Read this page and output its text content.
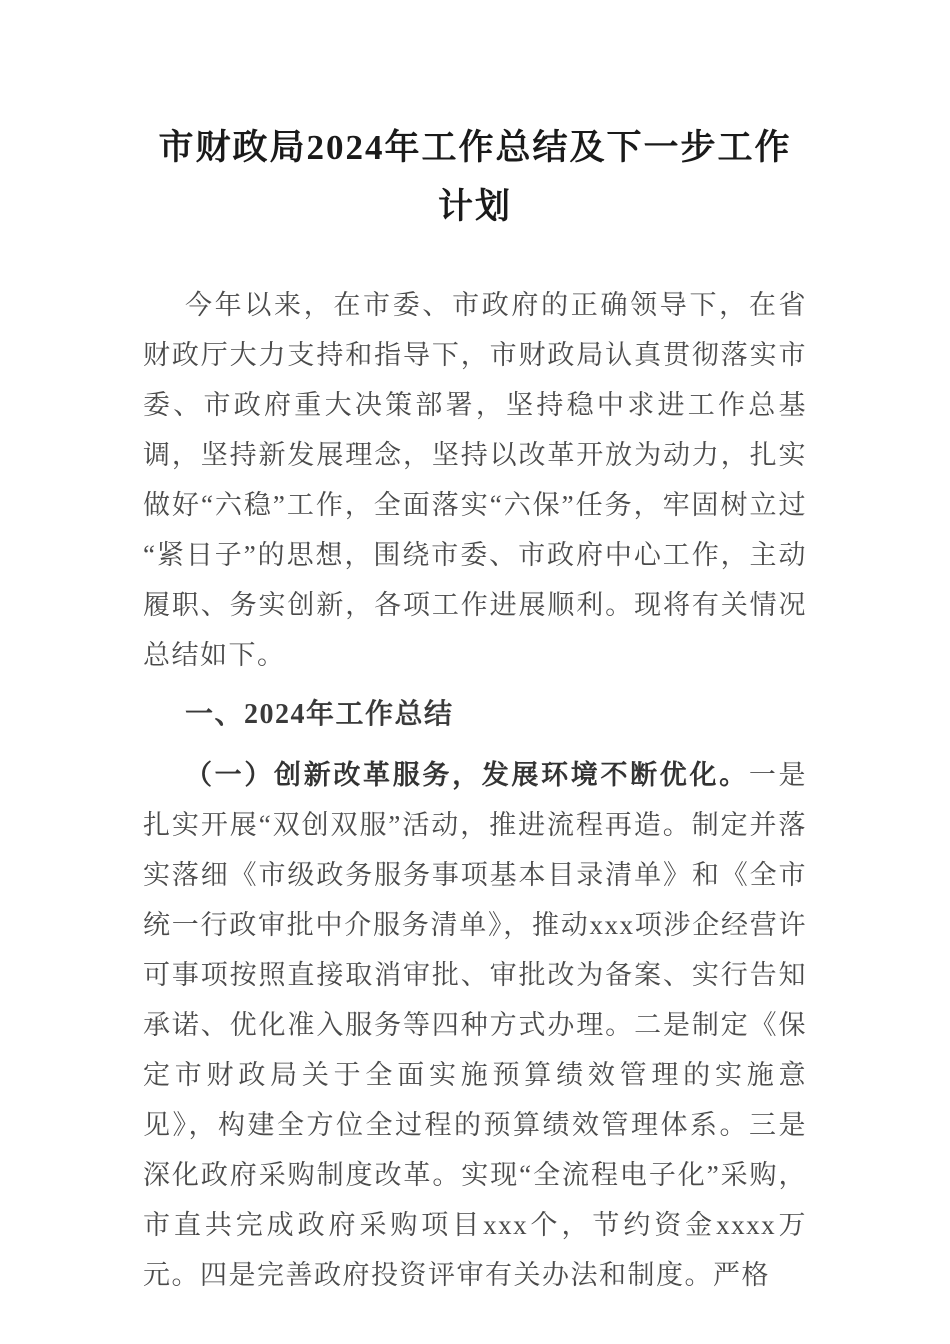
市财政局2024年工作总结及下一步工作计划

今年以来，在市委、市政府的正确领导下，在省财政厅大力支持和指导下，市财政局认真贯彻落实市委、市政府重大决策部署，坚持稳中求进工作总基调，坚持新发展理念，坚持以改革开放为动力，扎实做好“六稳”工作，全面落实“六保”任务，牢固树立过“紧日子”的思想，围绕市委、市政府中心工作，主动履职、务实创新，各项工作进展顺利。现将有关情况总结如下。

一、2024年工作总结

（一）创新改革服务，发展环境不断优化。一是扎实开展“双创双服”活动，推进流程再造。制定并落实落细《市级政务服务事项基本目录清单》和《全市统一行政审批中介服务清单》，推动xxx项涉企经营许可事项按照直接取消审批、审批改为备案、实行告知承诺、优化准入服务等四种方式办理。二是制定《保定市财政局关于全面实施预算绩效管理的实施意见》，构建全方位全过程的预算绩效管理体系。三是深化政府采购制度改革。实现“全流程电子化”采购，市直共完成政府采购项目xxx个，节约资金xxxx万元。四是完善政府投资评审有关办法和制度。严格
